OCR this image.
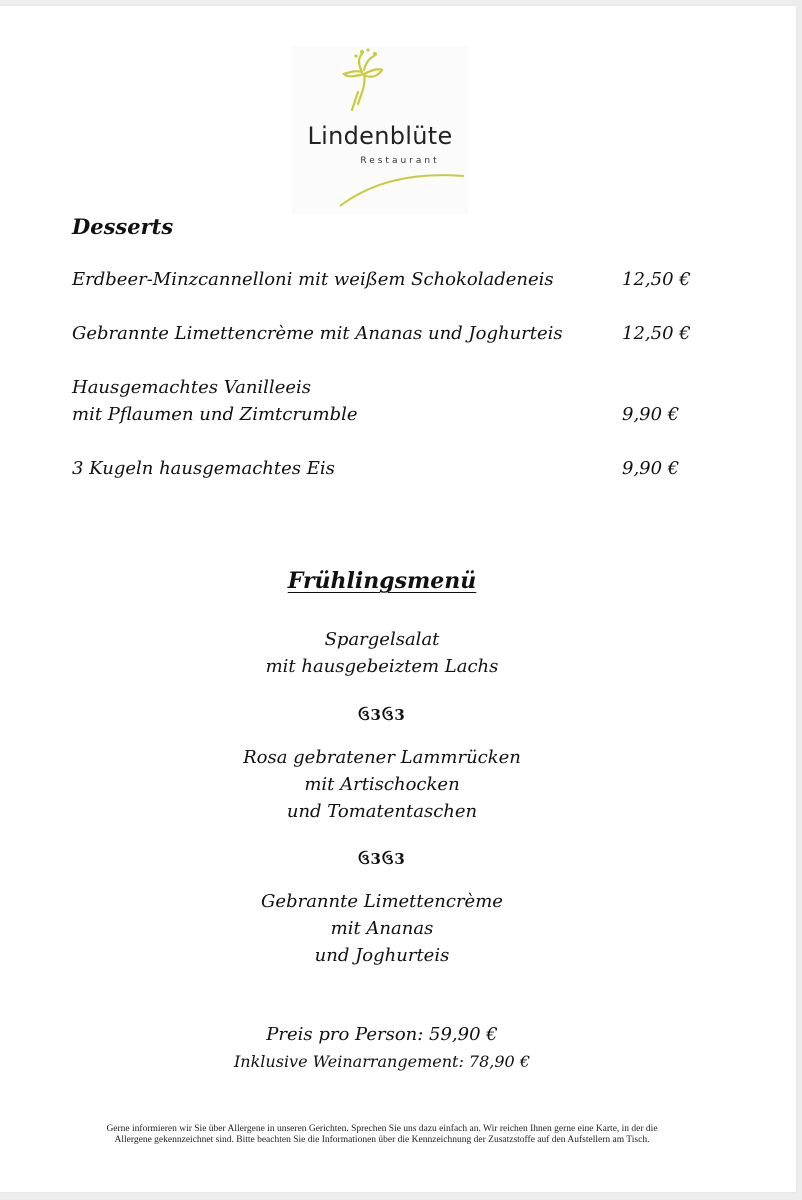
Lindenblüte
Restaurant
Desserts
Erdbeer-Minzcannelloni mit weißem Schokoladeneis	12,50 €
Gebrannte Limettencrème mit Ananas und Joghurteis	12,50 €
Hausgemachtes Vanilleeis
mit Pflaumen und Zimtcrumble	9,90 €
3 Kugeln hausgemachtes Eis	9,90 €
Frühlingsmenü
Spargelsalat
mit hausgebeiztem Lachs
ઉ3ઉ3
Rosa gebratener Lammrücken
mit Artischocken
und Tomatentaschen
ઉ3ઉ3
Gebrannte Limettencrème
mit Ananas
und Joghurteis
Preis pro Person: 59,90 €
Inklusive Weinarrangement: 78,90 €
Gerne informieren wir Sie über Allergene in unseren Gerichten. Sprechen Sie uns dazu einfach an. Wir reichen Ihnen gerne eine Karte, in der die
Allergene gekennzeichnet sind. Bitte beachten Sie die Informationen über die Kennzeichnung der Zusatzstoffe auf den Aufstellern am Tisch.
